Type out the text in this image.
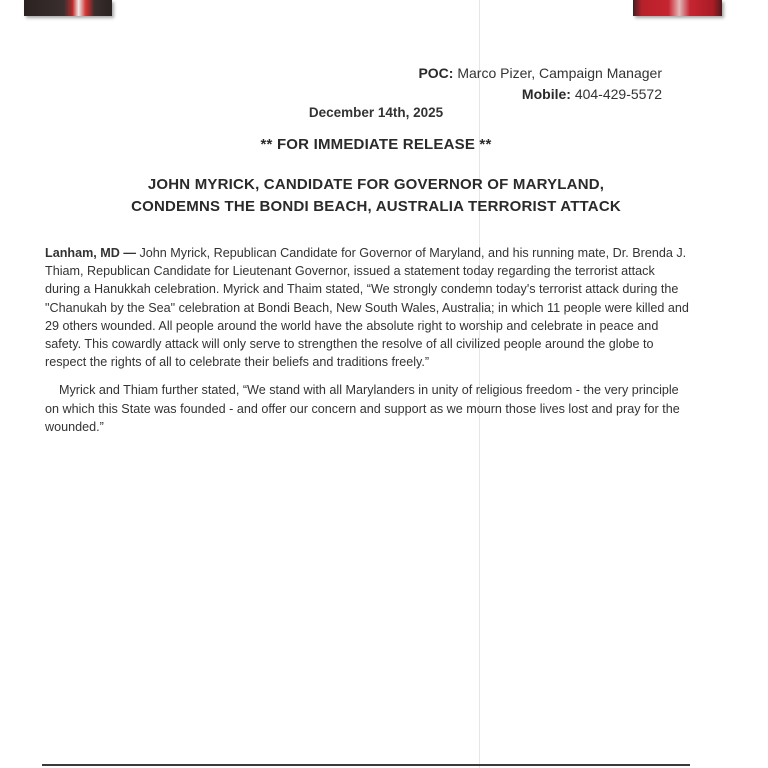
POC: Marco Pizer, Campaign Manager
Mobile: 404-429-5572
December 14th, 2025
** FOR IMMEDIATE RELEASE **
JOHN MYRICK, CANDIDATE FOR GOVERNOR OF MARYLAND,
CONDEMNS THE BONDI BEACH, AUSTRALIA TERRORIST ATTACK

Lanham, MD — John Myrick, Republican Candidate for Governor of Maryland, and his running mate, Dr. Brenda J. Thiam, Republican Candidate for Lieutenant Governor, issued a statement today regarding the terrorist attack during a Hanukkah celebration. Myrick and Thaim stated, “We strongly condemn today's terrorist attack during the "Chanukah by the Sea" celebration at Bondi Beach, New South Wales, Australia; in which 11 people were killed and 29 others wounded. All people around the world have the absolute right to worship and celebrate in peace and safety. This cowardly attack will only serve to strengthen the resolve of all civilized people around the globe to respect the rights of all to celebrate their beliefs and traditions freely.”

Myrick and Thiam further stated, “We stand with all Marylanders in unity of religious freedom - the very principle on which this State was founded - and offer our concern and support as we mourn those lives lost and pray for the wounded.”
